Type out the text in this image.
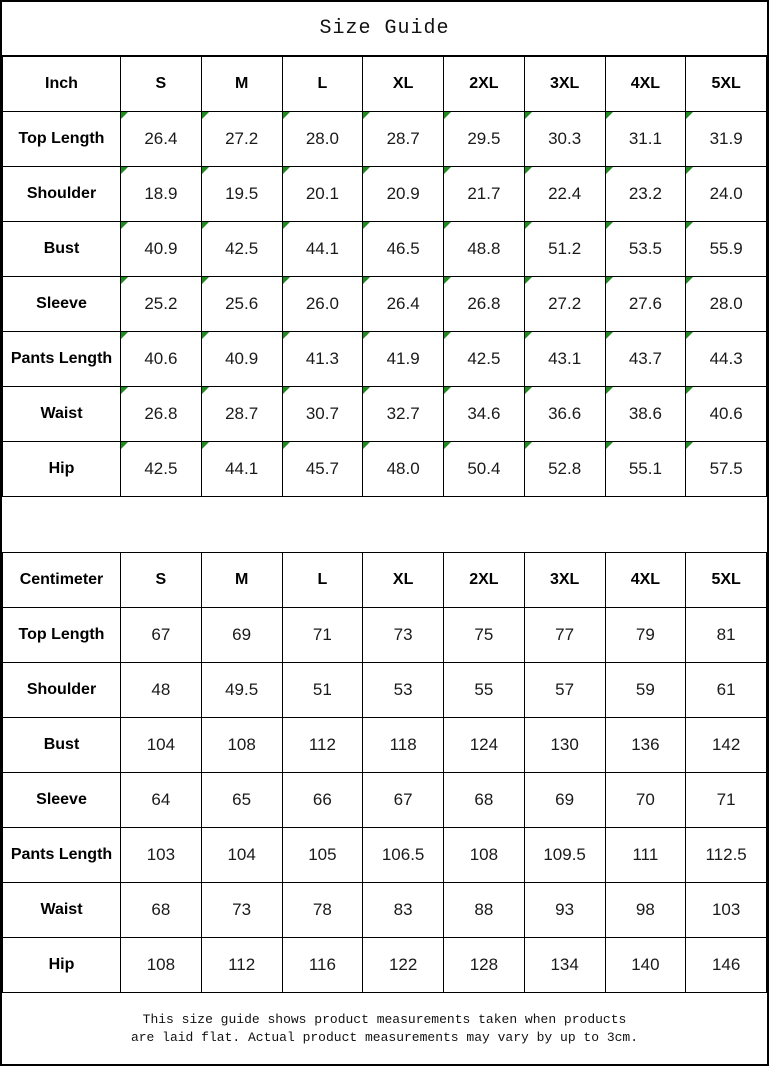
Size Guide
Inch	S	M	L	XL	2XL	3XL	4XL	5XL
Top Length	26.4	27.2	28.0	28.7	29.5	30.3	31.1	31.9
Shoulder	18.9	19.5	20.1	20.9	21.7	22.4	23.2	24.0
Bust	40.9	42.5	44.1	46.5	48.8	51.2	53.5	55.9
Sleeve	25.2	25.6	26.0	26.4	26.8	27.2	27.6	28.0
Pants Length	40.6	40.9	41.3	41.9	42.5	43.1	43.7	44.3
Waist	26.8	28.7	30.7	32.7	34.6	36.6	38.6	40.6
Hip	42.5	44.1	45.7	48.0	50.4	52.8	55.1	57.5
Centimeter	S	M	L	XL	2XL	3XL	4XL	5XL
Top Length	67	69	71	73	75	77	79	81
Shoulder	48	49.5	51	53	55	57	59	61
Bust	104	108	112	118	124	130	136	142
Sleeve	64	65	66	67	68	69	70	71
Pants Length	103	104	105	106.5	108	109.5	111	112.5
Waist	68	73	78	83	88	93	98	103
Hip	108	112	116	122	128	134	140	146
This size guide shows product measurements taken when products
are laid flat. Actual product measurements may vary by up to 3cm.
